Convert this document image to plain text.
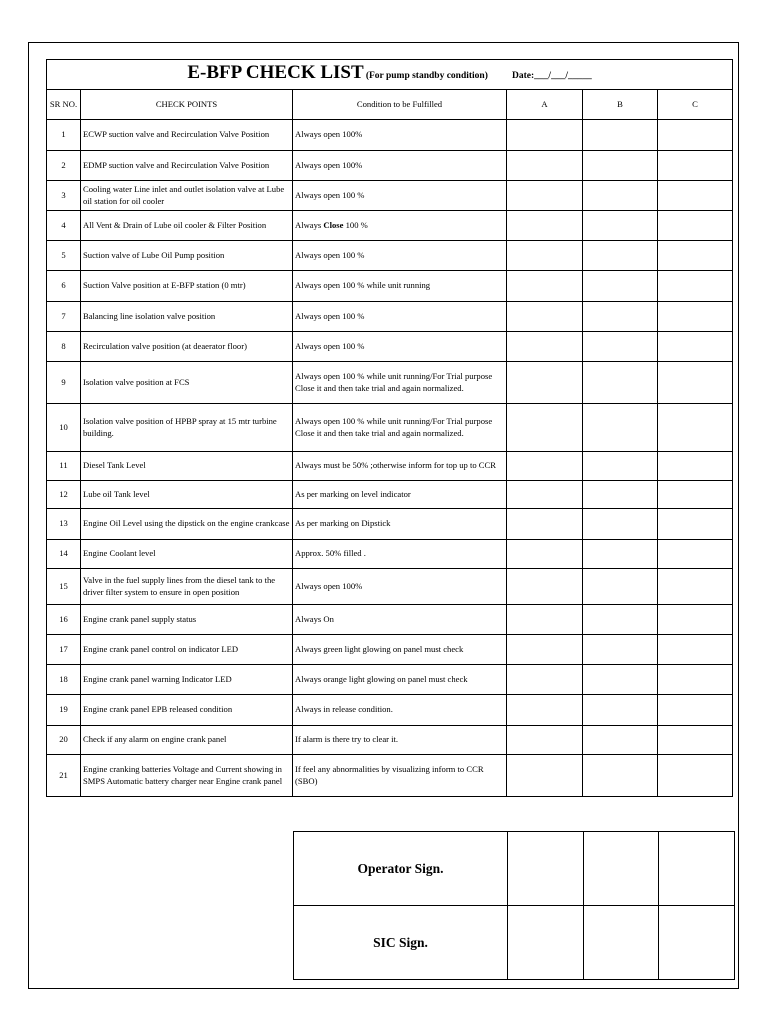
E-BFP CHECK LIST (For pump standby condition) Date:___/___/_____					
SR NO.	CHECK POINTS	Condition to be Fulfilled	A	B	C
1	ECWP suction valve and Recirculation Valve Position	Always open 100%			
2	EDMP suction valve and Recirculation Valve Position	Always open 100%			
3	Cooling water Line inlet and outlet isolation valve at Lube oil station for oil cooler	Always open 100 %			
4	All Vent & Drain of Lube oil cooler & Filter Position	Always Close 100 %			
5	Suction valve of Lube Oil Pump position	Always open 100 %			
6	Suction Valve position at E-BFP station (0 mtr)	Always open 100 % while unit running			
7	Balancing line isolation valve position	Always open 100 %			
8	Recirculation valve position (at deaerator floor)	Always open 100 %			
9	Isolation valve position at FCS	Always open 100 % while unit running/For Trial purpose Close it and then take trial and again normalized.			
10	Isolation valve position of HPBP spray at 15 mtr turbine building.	Always open 100 % while unit running/For Trial purpose Close it and then take trial and again normalized.			
11	Diesel Tank Level	Always must be 50% ;otherwise inform for top up to CCR			
12	Lube oil Tank level	As per marking on level indicator			
13	Engine Oil Level using the dipstick on the engine crankcase	As per marking on Dipstick			
14	Engine Coolant level	Approx. 50% filled .			
15	Valve in the fuel supply lines from the diesel tank to the driver filter system to ensure in open position	Always open 100%			
16	Engine crank panel supply status	Always On			
17	Engine crank panel control on indicator LED	Always green light glowing on panel must check			
18	Engine crank panel warning Indicator LED	Always orange light glowing on panel must check			
19	Engine crank panel EPB released condition	Always in release condition.			
20	Check if any alarm on engine crank panel	If alarm is there try to clear it.			
21	Engine cranking batteries Voltage and Current showing in SMPS Automatic battery charger near Engine crank panel	If feel any abnormalities by visualizing inform to CCR (SBO)			
Operator Sign.			
SIC Sign.			
